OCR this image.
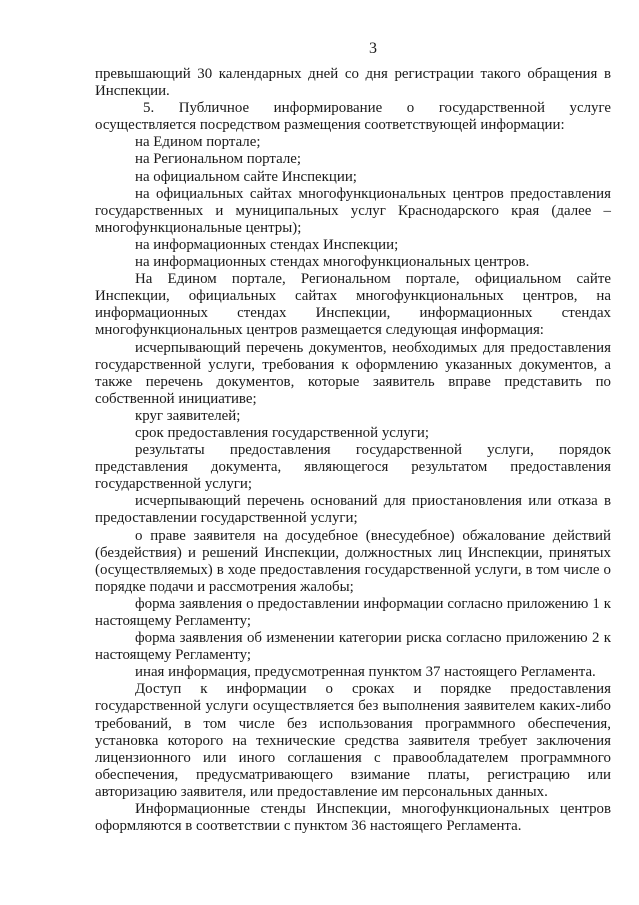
3

превышающий 30 календарных дней со дня регистрации такого обращения в Инспекции.

5. Публичное информирование о государственной услуге осуществляется посредством размещения соответствующей информации:

на Едином портале;

на Региональном портале;

на официальном сайте Инспекции;

на официальных сайтах многофункциональных центров предоставления государственных и муниципальных услуг Краснодарского края (далее – многофункциональные центры);

на информационных стендах Инспекции;

на информационных стендах многофункциональных центров.

На Едином портале, Региональном портале, официальном сайте Инспекции, официальных сайтах многофункциональных центров, на информационных стендах Инспекции, информационных стендах многофункциональных центров размещается следующая информация:

исчерпывающий перечень документов, необходимых для предоставления государственной услуги, требования к оформлению указанных документов, а также перечень документов, которые заявитель вправе представить по собственной инициативе;

круг заявителей;

срок предоставления государственной услуги;

результаты предоставления государственной услуги, порядок представления документа, являющегося результатом предоставления государственной услуги;

исчерпывающий перечень оснований для приостановления или отказа в предоставлении государственной услуги;

о праве заявителя на досудебное (внесудебное) обжалование действий (бездействия) и решений Инспекции, должностных лиц Инспекции, принятых (осуществляемых) в ходе предоставления государственной услуги, в том числе о порядке подачи и рассмотрения жалобы;

форма заявления о предоставлении информации согласно приложению 1 к настоящему Регламенту;

форма заявления об изменении категории риска согласно приложению 2 к настоящему Регламенту;

иная информация, предусмотренная пунктом 37 настоящего Регламента.

Доступ к информации о сроках и порядке предоставления государственной услуги осуществляется без выполнения заявителем каких-либо требований, в том числе без использования программного обеспечения, установка которого на технические средства заявителя требует заключения лицензионного или иного соглашения с правообладателем программного обеспечения, предусматривающего взимание платы, регистрацию или авторизацию заявителя, или предоставление им персональных данных.

Информационные стенды Инспекции, многофункциональных центров оформляются в соответствии с пунктом 36 настоящего Регламента.
